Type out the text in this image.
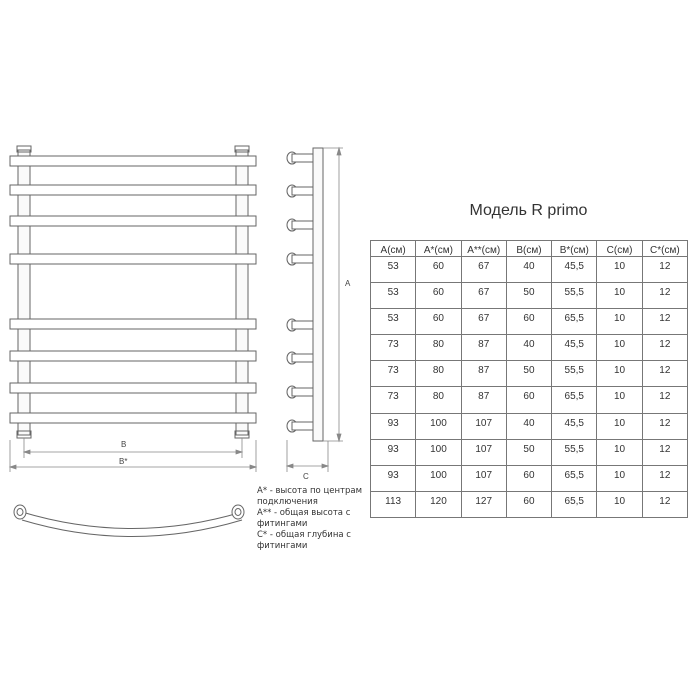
B
B*
A
C
Модель R primo
A(см)	A*(см)	A**(см)	B(см)	B*(см)	C(см)	C*(см)
53	60	67	40	45,5	10	12
53	60	67	50	55,5	10	12
53	60	67	60	65,5	10	12
73	80	87	40	45,5	10	12
73	80	87	50	55,5	10	12
73	80	87	60	65,5	10	12
93	100	107	40	45,5	10	12
93	100	107	50	55,5	10	12
93	100	107	60	65,5	10	12
113	120	127	60	65,5	10	12
A* - высота по центрам подключения
A** - общая высота с фитингами
C* - общая глубина с фитингами
